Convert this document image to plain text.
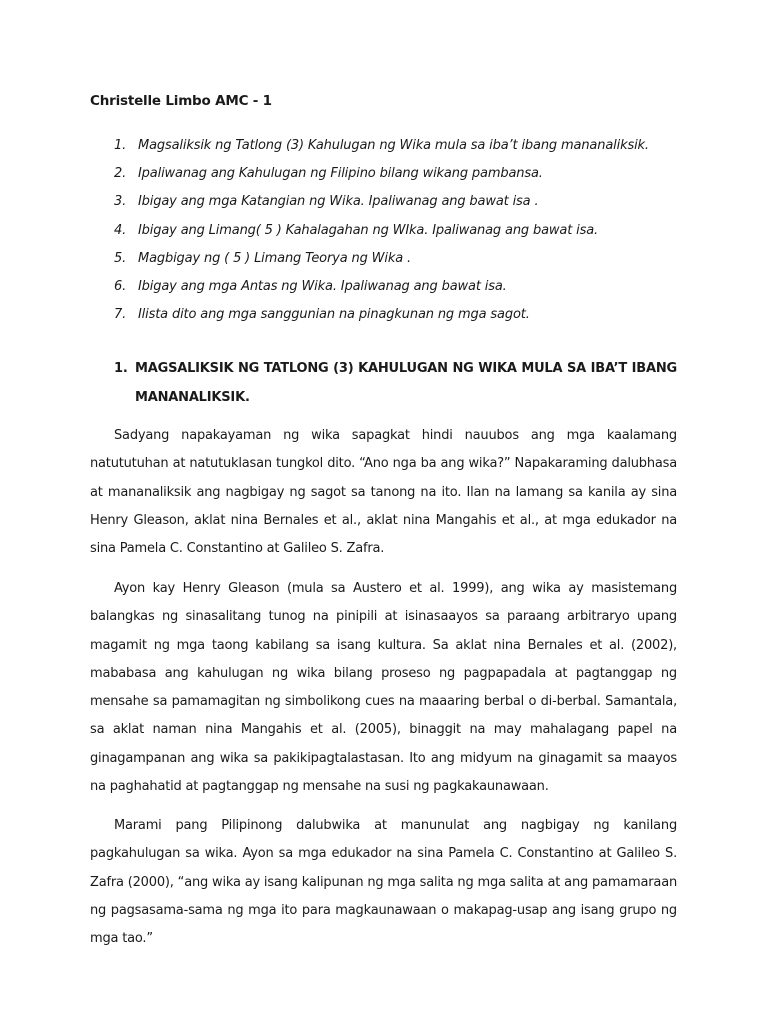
Christelle Limbo AMC - 1
1. Magsaliksik ng Tatlong (3) Kahulugan ng Wika mula sa iba’t ibang mananaliksik.
2. Ipaliwanag ang Kahulugan ng Filipino bilang wikang pambansa.
3. Ibigay ang mga Katangian ng Wika. Ipaliwanag ang bawat isa .
4. Ibigay ang Limang( 5 ) Kahalagahan ng WIka. Ipaliwanag ang bawat isa.
5. Magbigay ng ( 5 ) Limang Teorya ng Wika .
6. Ibigay ang mga Antas ng Wika. Ipaliwanag ang bawat isa.
7. Ilista dito ang mga sanggunian na pinagkunan ng mga sagot.
1. MAGSALIKSIK NG TATLONG (3) KAHULUGAN NG WIKA MULA SA IBA’T IBANG MANANALIKSIK.

Sadyang napakayaman ng wika sapagkat hindi nauubos ang mga kaalamang natututuhan at natutuklasan tungkol dito. “Ano nga ba ang wika?” Napakaraming dalubhasa at mananaliksik ang nagbigay ng sagot sa tanong na ito. Ilan na lamang sa kanila ay sina Henry Gleason, aklat nina Bernales et al., aklat nina Mangahis et al., at mga edukador na sina Pamela C. Constantino at Galileo S. Zafra.

Ayon kay Henry Gleason (mula sa Austero et al. 1999), ang wika ay masistemang balangkas ng sinasalitang tunog na pinipili at isinasaayos sa paraang arbitraryo upang magamit ng mga taong kabilang sa isang kultura. Sa aklat nina Bernales et al. (2002), mababasa ang kahulugan ng wika bilang proseso ng pagpapadala at pagtanggap ng mensahe sa pamamagitan ng simbolikong cues na maaaring berbal o di-berbal. Samantala, sa aklat naman nina Mangahis et al. (2005), binaggit na may mahalagang papel na ginagampanan ang wika sa pakikipagtalastasan. Ito ang midyum na ginagamit sa maayos na paghahatid at pagtanggap ng mensahe na susi ng pagkakaunawaan.

Marami pang Pilipinong dalubwika at manunulat ang nagbigay ng kanilang pagkahulugan sa wika. Ayon sa mga edukador na sina Pamela C. Constantino at Galileo S. Zafra (2000), “ang wika ay isang kalipunan ng mga salita ng mga salita at ang pamamaraan ng pagsasama-sama ng mga ito para magkaunawaan o makapag-usap ang isang grupo ng mga tao.”
